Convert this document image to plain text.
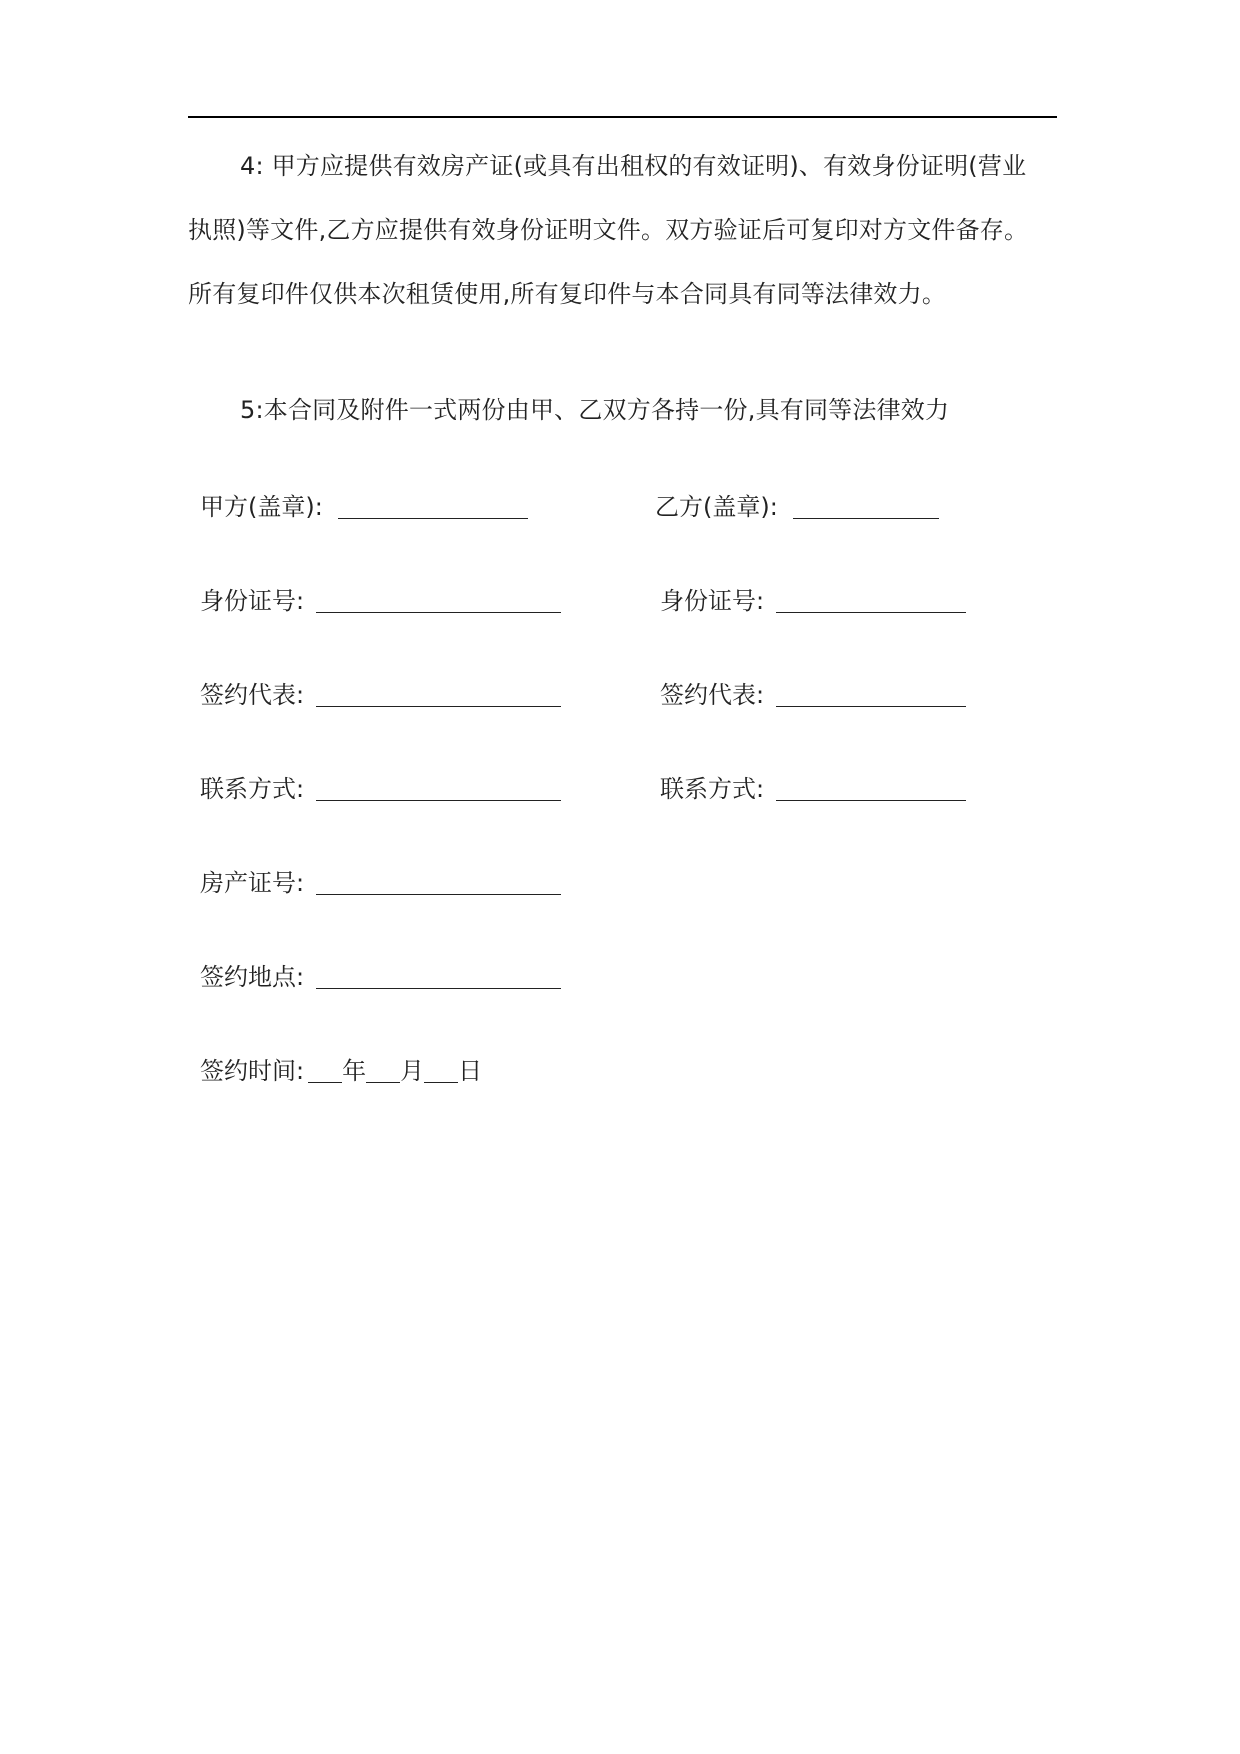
4: 甲方应提供有效房产证(或具有出租权的有效证明)、有效身份证明(营业
执照)等文件,乙方应提供有效身份证明文件。双方验证后可复印对方文件备存。
所有复印件仅供本次租赁使用,所有复印件与本合同具有同等法律效力。

5:本合同及附件一式两份由甲、乙双方各持一份,具有同等法律效力

甲方(盖章):
身份证号:
签约代表:
联系方式:
房产证号:
签约地点:
签约时间: 年 月 日
乙方(盖章):
身份证号:
签约代表:
联系方式:
